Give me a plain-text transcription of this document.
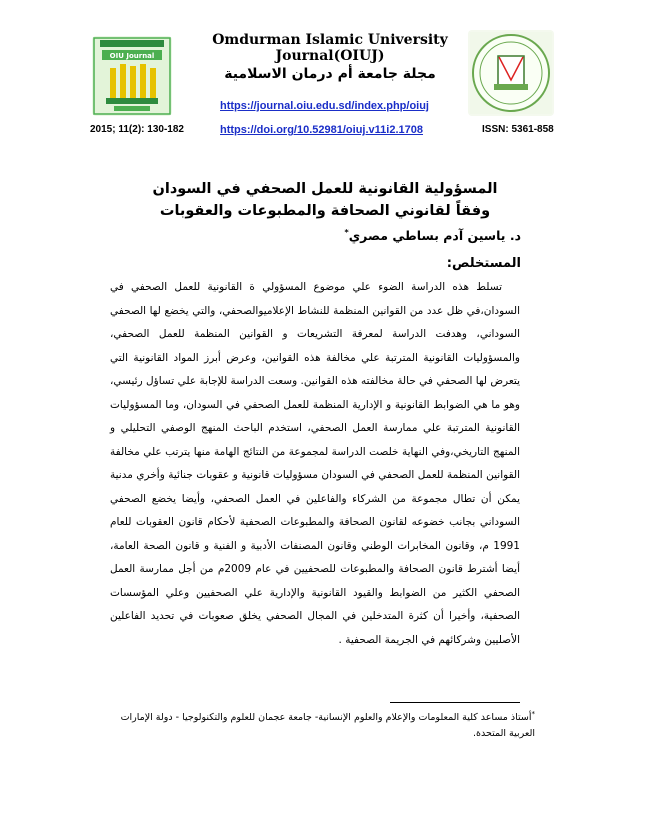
OIU Journal
Omdurman Islamic University Journal(OIUJ)
مجلة جامعة أم درمان الاسلامية
https://journal.oiu.edu.sd/index.php/oiuj
https://doi.org/10.52981/oiuj.v11i2.1708
2015; 11(2): 130-182	ISSN: 5361-858
المسؤولية القانونية للعمل الصحفي في السودان
وفقاً لقانوني الصحافة والمطبوعات والعقوبات
د. ياسين آدم بساطي مصري*
المستخلص:

تسلط هذه الدراسة الضوء علي موضوع المسؤولي ة القانونية للعمل الصحفي في السودان،في ظل عدد من القوانين المنظمة للنشاط الإعلاميوالصحفي، والتي يخضع لها الصحفي السوداني، وهدفت الدراسة لمعرفة التشريعات و القوانين المنظمة للعمل الصحفي، والمسؤوليات القانونية المترتبة علي مخالفة هذه القوانين، وعرض أبرز المواد القانونية التي يتعرض لها الصحفي في حالة مخالفته هذه القوانين. وسعت الدراسة للإجابة علي تساؤل رئيسي، وهو ما هي الضوابط القانونية و الإدارية المنظمة للعمل الصحفي في السودان، وما المسؤوليات القانونية المترتبة علي ممارسة العمل الصحفي، استخدم الباحث المنهج الوصفي التحليلي و المنهج التاريخي،وفي النهاية خلصت الدراسة لمجموعة من النتائج الهامة منها يترتب علي مخالفة القوانين المنظمة للعمل الصحفي في السودان مسؤوليات قانونية و عقوبات جنائية وأخري مدنية يمكن أن تطال مجموعة من الشركاء والفاعلين في العمل الصحفي، وأيضا يخضع الصحفي السوداني بجانب خضوعه لقانون الصحافة والمطبوعات الصحفية لأحكام قانون العقوبات للعام 1991 م، وقانون المخابرات الوطني وقانون المصنفات الأدبية و الفنية و قانون الصحة العامة، أيضا أشترط قانون الصحافة والمطبوعات للصحفيين في عام 2009م من أجل ممارسة العمل الصحفي الكثير من الضوابط والقيود القانونية والإدارية علي الصحفيين وعلي المؤسسات الصحفية، وأخيرا أن كثرة المتدخلين في المجال الصحفي يخلق صعوبات في تحديد الفاعلين الأصليين وشركائهم في الجريمة الصحفية .

*أستاذ مساعد كلية المعلومات والإعلام والعلوم الإنسانية- جامعة عجمان للعلوم والتكنولوجيا - دولة الإمارات العربية المتحدة.
